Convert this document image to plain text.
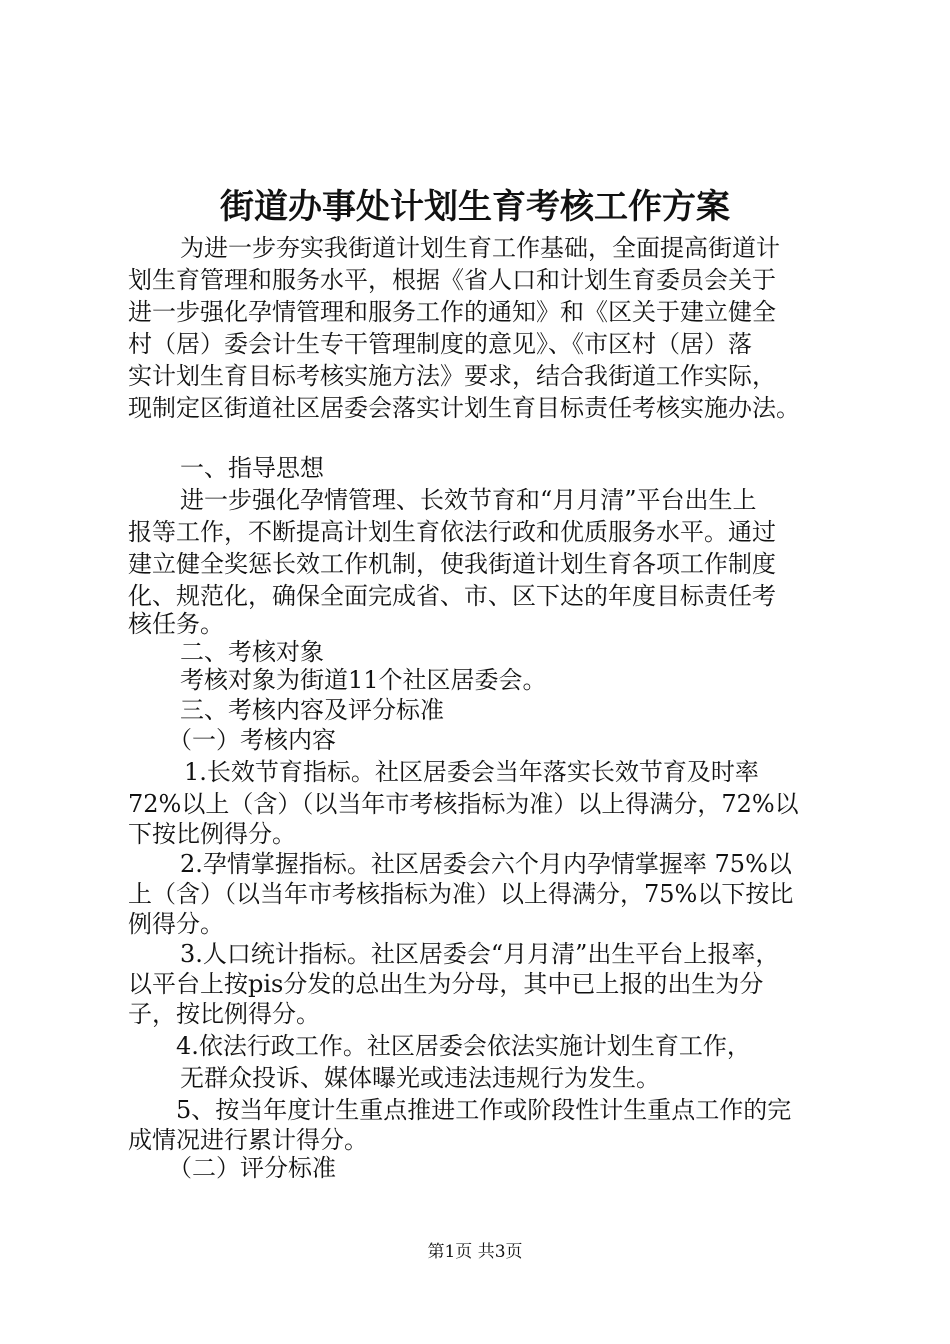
街道办事处计划生育考核工作方案
为进一步夯实我街道计划生育工作基础，全面提高街道计
划生育管理和服务水平，根据《省人口和计划生育委员会关于
进一步强化孕情管理和服务工作的通知》和《区关于建立健全
村（居）委会计生专干管理制度的意见》、《市区村（居）落
实计划生育目标考核实施方法》要求，结合我街道工作实际，
现制定区街道社区居委会落实计划生育目标责任考核实施办法。
一、指导思想
进一步强化孕情管理、长效节育和“月月清”平台出生上
报等工作，不断提高计划生育依法行政和优质服务水平。通过
建立健全奖惩长效工作机制，使我街道计划生育各项工作制度
化、规范化，确保全面完成省、市、区下达的年度目标责任考
核任务。
二、考核对象
考核对象为街道11个社区居委会。
三、考核内容及评分标准
（一）考核内容
1.长效节育指标。社区居委会当年落实长效节育及时率
72%以上（含）（以当年市考核指标为准）以上得满分，72%以
下按比例得分。
2.孕情掌握指标。社区居委会六个月内孕情掌握率 75%以
上（含）（以当年市考核指标为准）以上得满分，75%以下按比
例得分。
3.人口统计指标。社区居委会“月月清”出生平台上报率，
以平台上按pis分发的总出生为分母，其中已上报的出生为分
子，按比例得分。
4.依法行政工作。社区居委会依法实施计划生育工作，
无群众投诉、媒体曝光或违法违规行为发生。
5、按当年度计生重点推进工作或阶段性计生重点工作的完
成情况进行累计得分。
（二）评分标准
第1页 共3页
